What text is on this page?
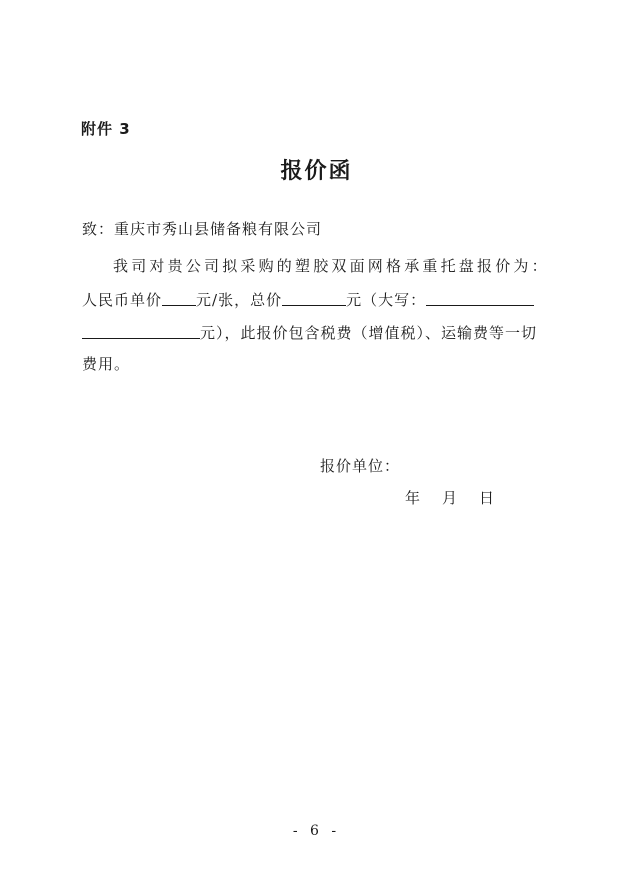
附件 3
报价函
致：重庆市秀山县储备粮有限公司
我司对贵公司拟采购的塑胶双面网格承重托盘报价为：
人民币单价 元/张，总价	元（大写：
元），此报价包含税费（增值税）、运输费等一切
费用。
报价单位：
年 月 日
- 6 -
